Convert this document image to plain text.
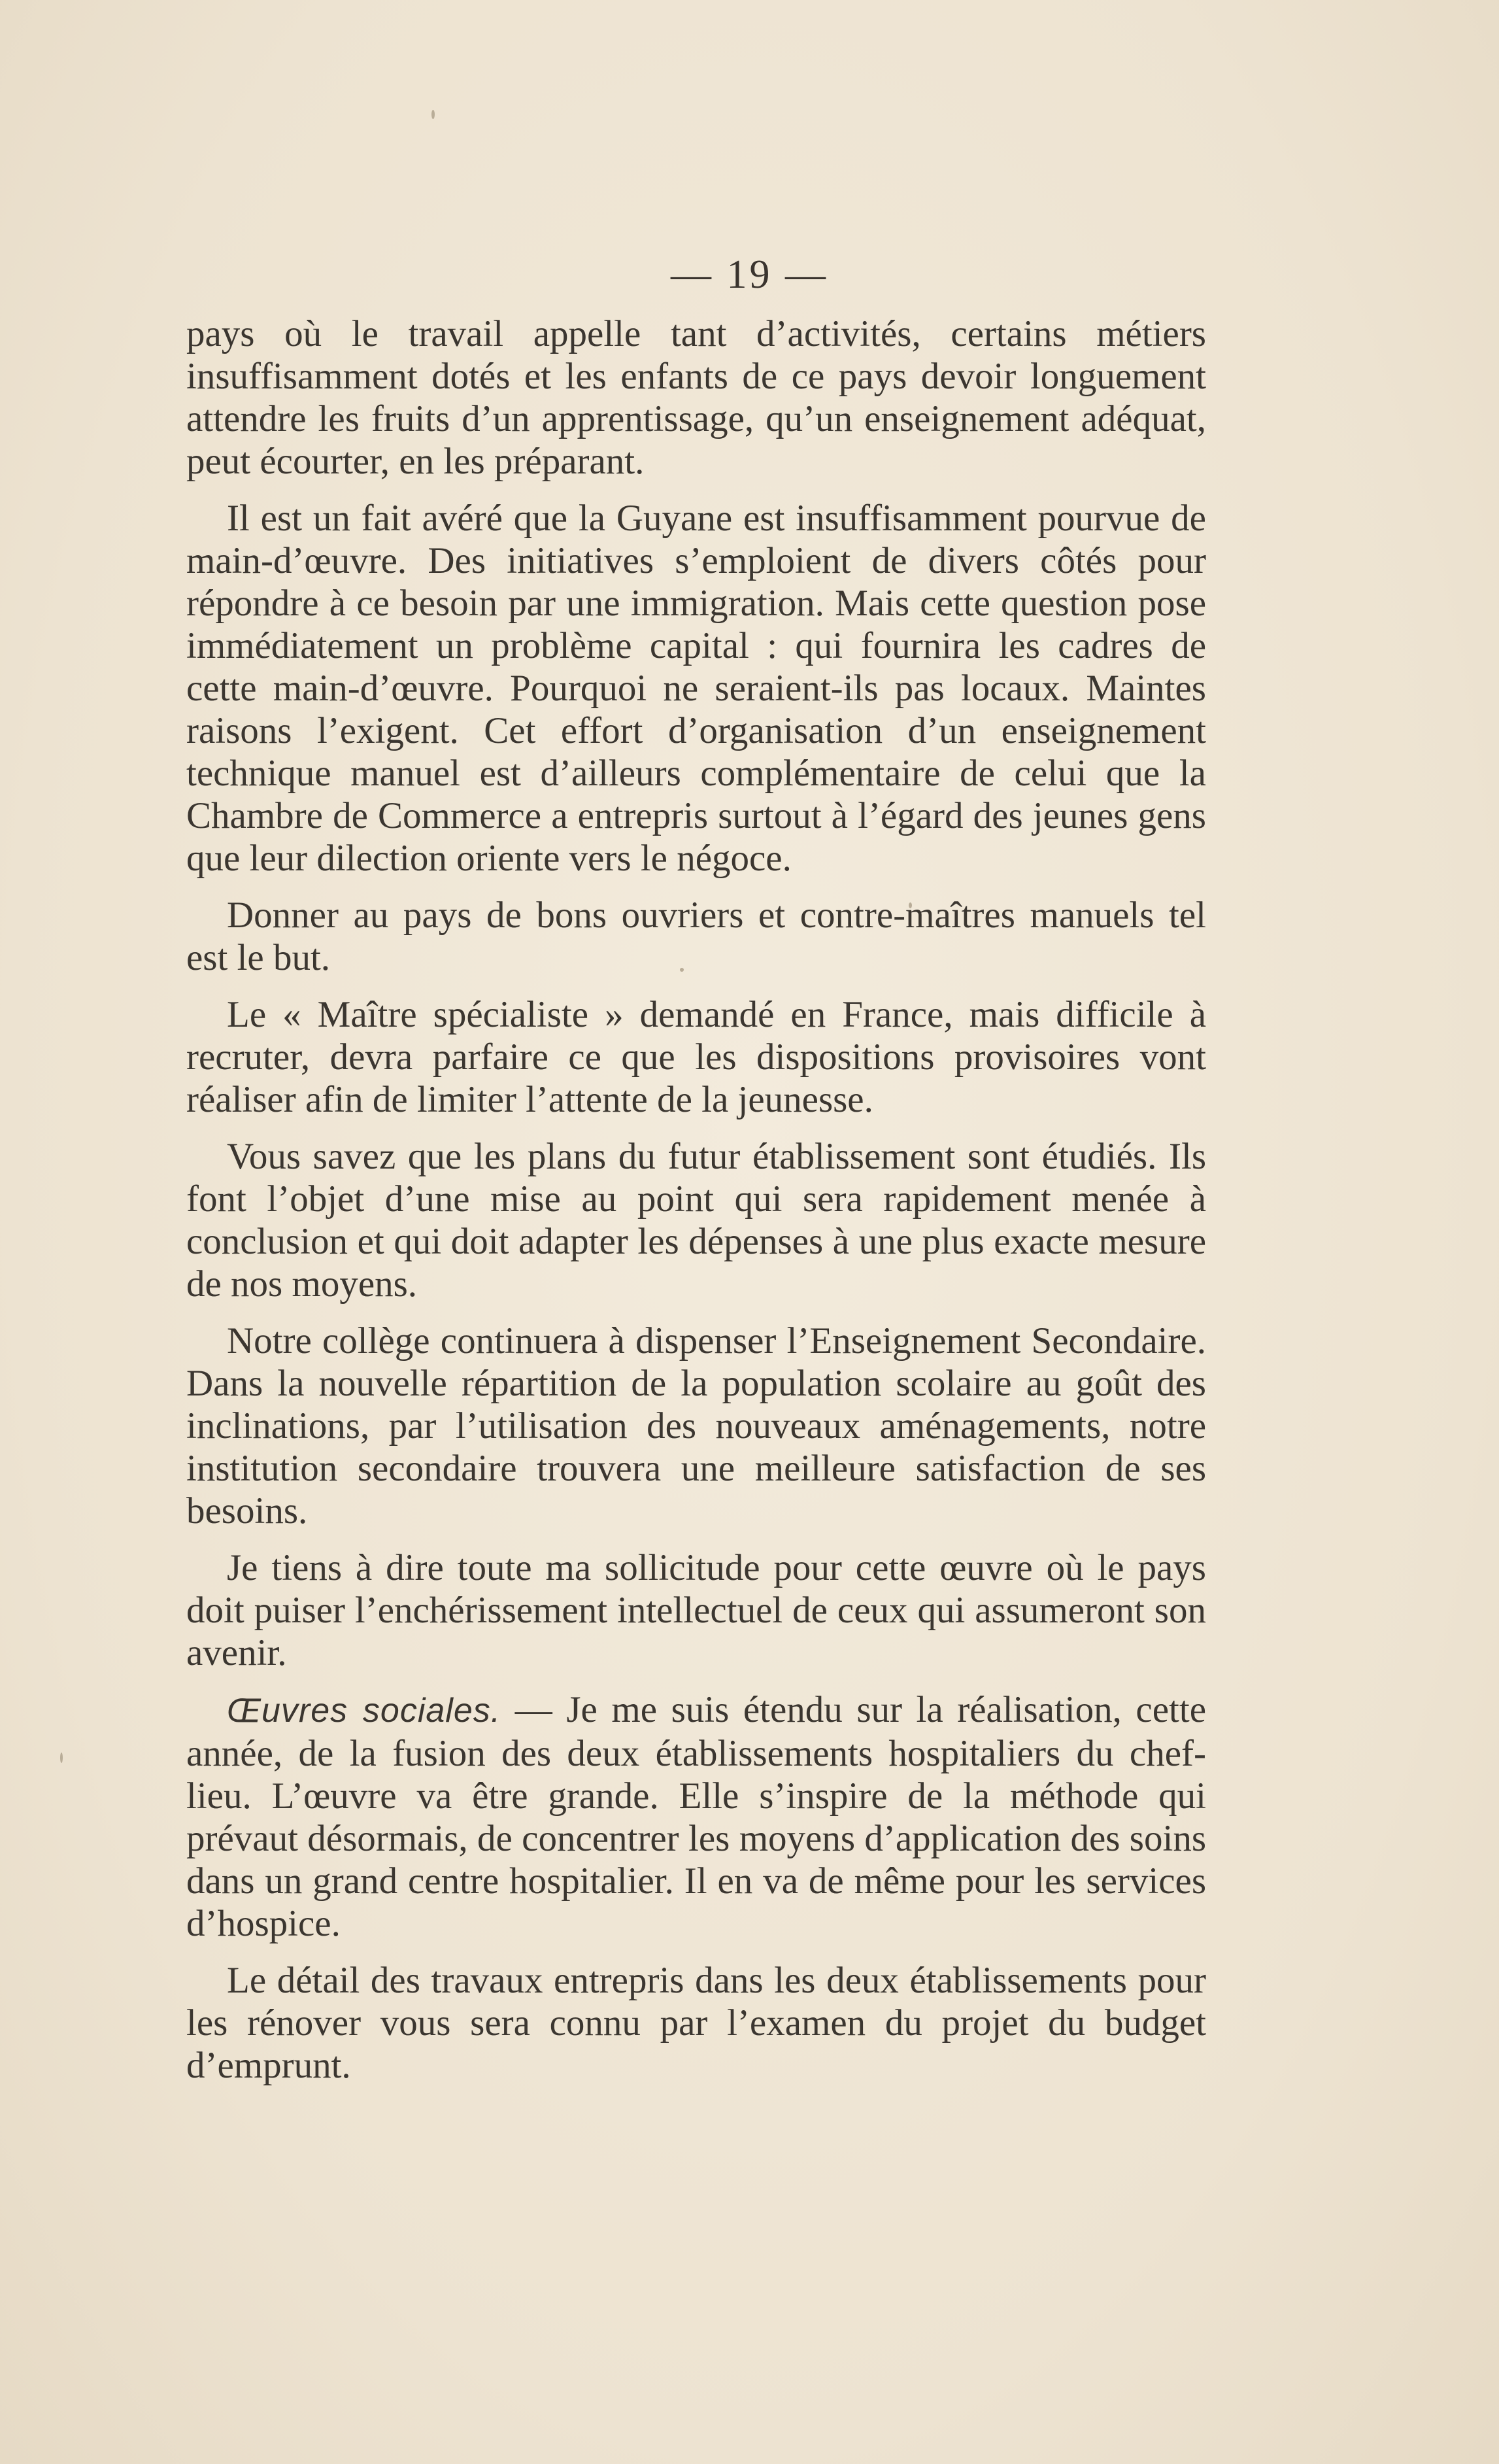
— 19 —

pays où le travail appelle tant d’activités, certains métiers insuffisamment dotés et les enfants de ce pays devoir longuement attendre les fruits d’un apprentissage, qu’un enseignement adéquat, peut écourter, en les préparant.

Il est un fait avéré que la Guyane est insuffisamment pourvue de main-d’œuvre. Des initiatives s’emploient de divers côtés pour répondre à ce besoin par une immigration. Mais cette question pose immédiatement un problème capital : qui fournira les cadres de cette main-d’œuvre. Pourquoi ne seraient-ils pas locaux. Maintes raisons l’exigent. Cet effort d’organisation d’un enseignement technique manuel est d’ailleurs complémentaire de celui que la Chambre de Commerce a entrepris surtout à l’égard des jeunes gens que leur dilection oriente vers le négoce.

Donner au pays de bons ouvriers et contre-maîtres manuels tel est le but.

Le « Maître spécialiste » demandé en France, mais difficile à recruter, devra parfaire ce que les dispositions provisoires vont réaliser afin de limiter l’attente de la jeunesse.

Vous savez que les plans du futur établissement sont étudiés. Ils font l’objet d’une mise au point qui sera rapidement menée à conclusion et qui doit adapter les dépenses à une plus exacte mesure de nos moyens.

Notre collège continuera à dispenser l’Enseignement Secondaire. Dans la nouvelle répartition de la population scolaire au goût des inclinations, par l’utilisation des nouveaux aménagements, notre institution secondaire trouvera une meilleure satisfaction de ses besoins.

Je tiens à dire toute ma sollicitude pour cette œuvre où le pays doit puiser l’enchérissement intellectuel de ceux qui assumeront son avenir.

Œuvres sociales. — Je me suis étendu sur la réalisation, cette année, de la fusion des deux établissements hospitaliers du chef-lieu. L’œuvre va être grande. Elle s’inspire de la méthode qui prévaut désormais, de concentrer les moyens d’application des soins dans un grand centre hospitalier. Il en va de même pour les services d’hospice.

Le détail des travaux entrepris dans les deux établissements pour les rénover vous sera connu par l’examen du projet du budget d’emprunt.
